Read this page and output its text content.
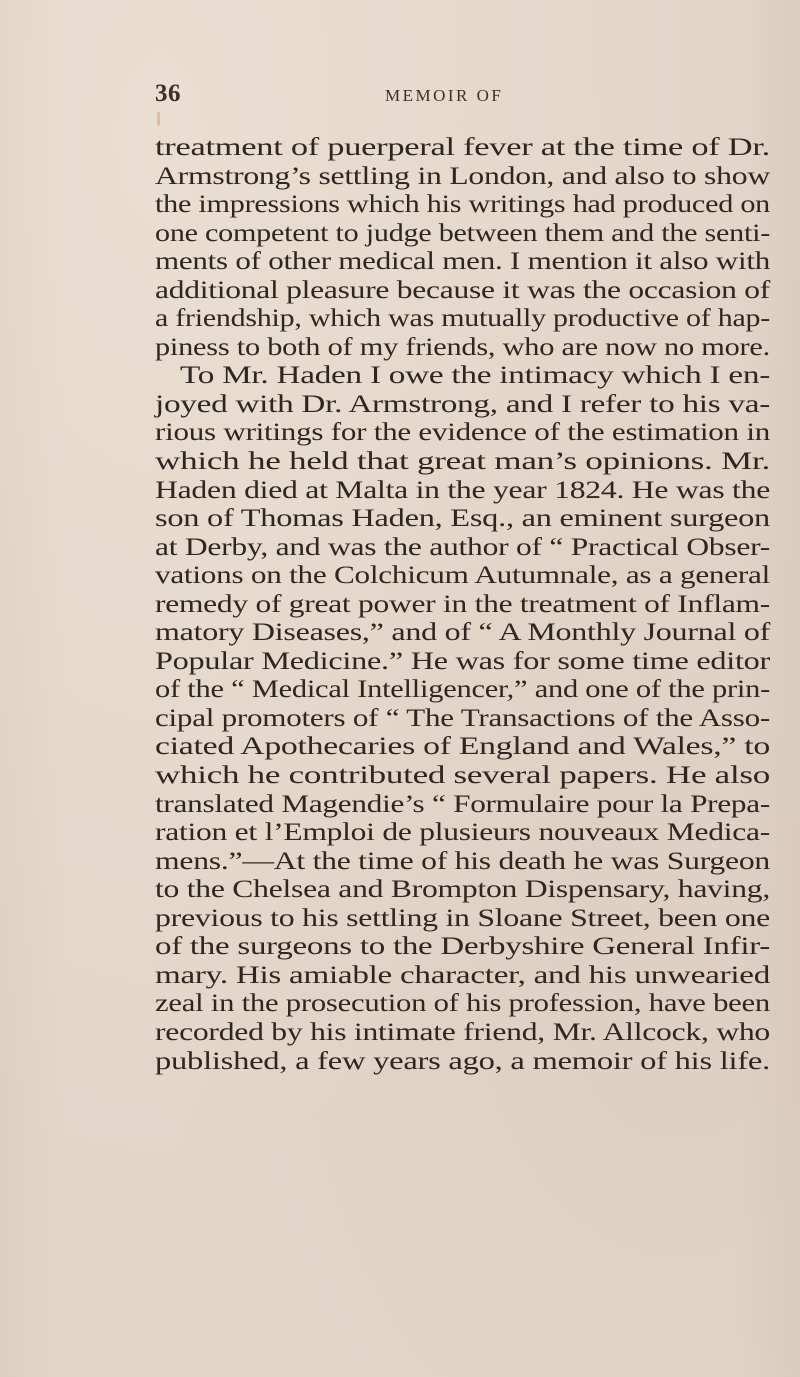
36	MEMOIR OF
treatment of puerperal fever at the time of Dr.
Armstrong’s settling in London, and also to show
the impressions which his writings had produced on
one competent to judge between them and the senti-
ments of other medical men. I mention it also with
additional pleasure because it was the occasion of
a friendship, which was mutually productive of hap-
piness to both of my friends, who are now no more.
To Mr. Haden I owe the intimacy which I en-
joyed with Dr. Armstrong, and I refer to his va-
rious writings for the evidence of the estimation in
which he held that great man’s opinions. Mr.
Haden died at Malta in the year 1824. He was the
son of Thomas Haden, Esq., an eminent surgeon
at Derby, and was the author of “ Practical Obser-
vations on the Colchicum Autumnale, as a general
remedy of great power in the treatment of Inflam-
matory Diseases,” and of “ A Monthly Journal of
Popular Medicine.” He was for some time editor
of the “ Medical Intelligencer,” and one of the prin-
cipal promoters of “ The Transactions of the Asso-
ciated Apothecaries of England and Wales,” to
which he contributed several papers. He also
translated Magendie’s “ Formulaire pour la Prepa-
ration et l’Emploi de plusieurs nouveaux Medica-
mens.”—At the time of his death he was Surgeon
to the Chelsea and Brompton Dispensary, having,
previous to his settling in Sloane Street, been one
of the surgeons to the Derbyshire General Infir-
mary. His amiable character, and his unwearied
zeal in the prosecution of his profession, have been
recorded by his intimate friend, Mr. Allcock, who
published, a few years ago, a memoir of his life.
